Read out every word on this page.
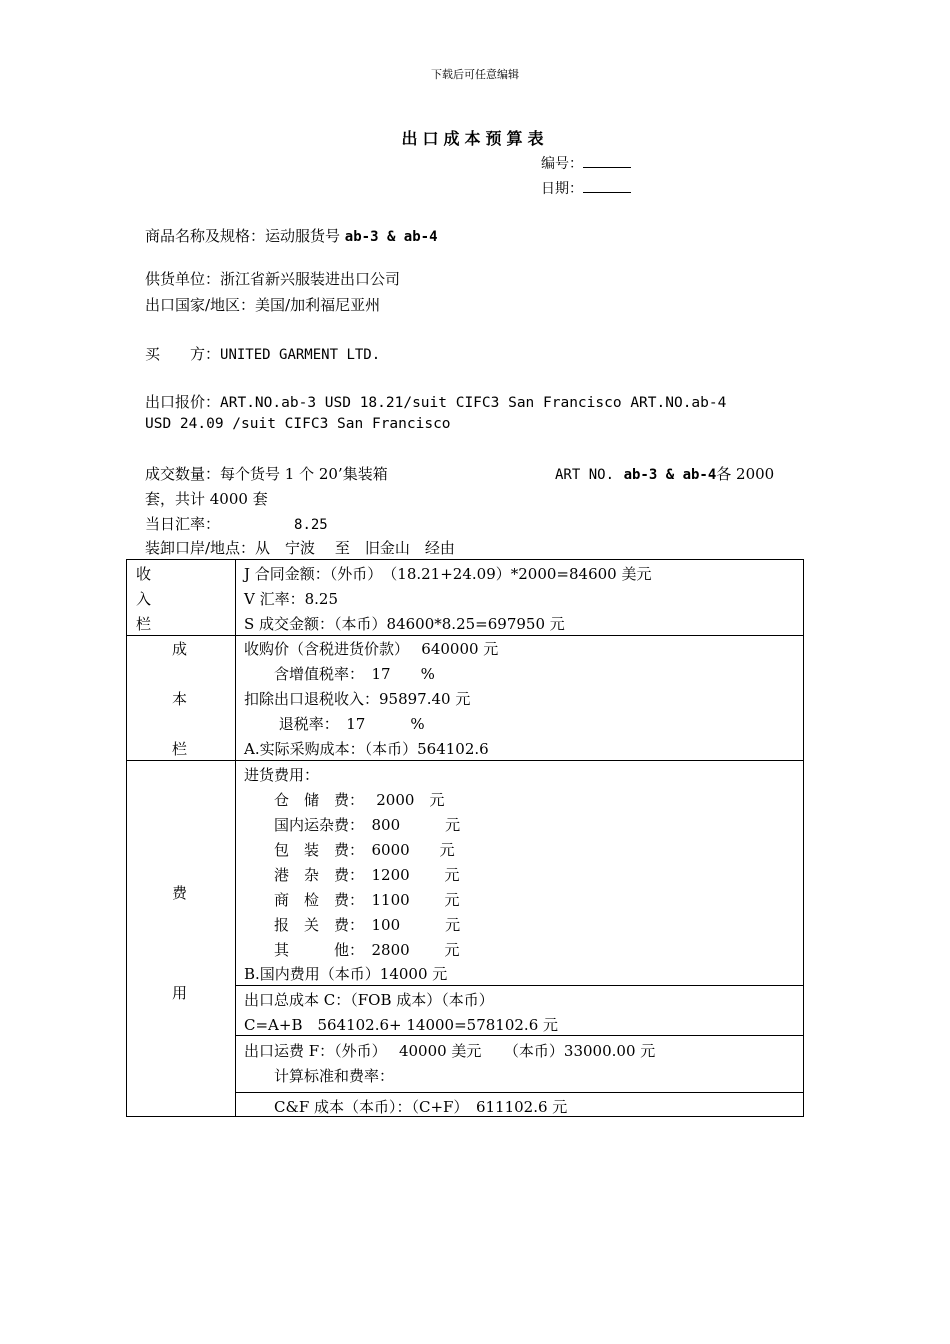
下载后可任意编辑
出口成本预算表
编号：
日期：
商品名称及规格：运动服货号 ab-3 & ab-4
供货单位：浙江省新兴服装进出口公司
出口国家/地区：美国/加利福尼亚州
买　　方：UNITED GARMENT LTD.
出口报价：ART.NO.ab-3 USD 18.21/suit CIFC3 San Francisco ART.NO.ab-4
USD 24.09 /suit CIFC3 San Francisco
成交数量：每个货号 1 个 20’集装箱	ART NO. ab-3 & ab-4各 2000
套，共计 4000 套
当日汇率：	8.25
装卸口岸/地点：从　宁波　 至　旧金山　经由
收
入
栏
J 合同金额：（外币）　（18.21+24.09）*2000=84600 美元
V 汇率：8.25
S 成交金额：（本币）84600*8.25=697950 元
成
本
栏
收购价（含税进货价款）　 640000 元
　　含增值税率：　17　　%
扣除出口退税收入：95897.40 元
　　 退税率：　17　　　%
A.实际采购成本：（本币）564102.6
费
用
进货费用：
　　仓　储　费：　 2000　元
　　国内运杂费：　800　　　元
　　包　装　费：　6000　　元
　　港　杂　费：　1200　　 元
　　商　检　费：　1100　　 元
　　报　关　费：　100　　　元
　　其　　　他：　2800　　 元
B.国内费用（本币）14000 元
出口总成本 C：（FOB 成本）（本币）
C=A+B　564102.6+ 14000=578102.6 元
出口运费 F：（外币）　 40000 美元　　（本币）33000.00 元
　　计算标准和费率：
　　C&F 成本（本币）：（C+F）　611102.6 元
